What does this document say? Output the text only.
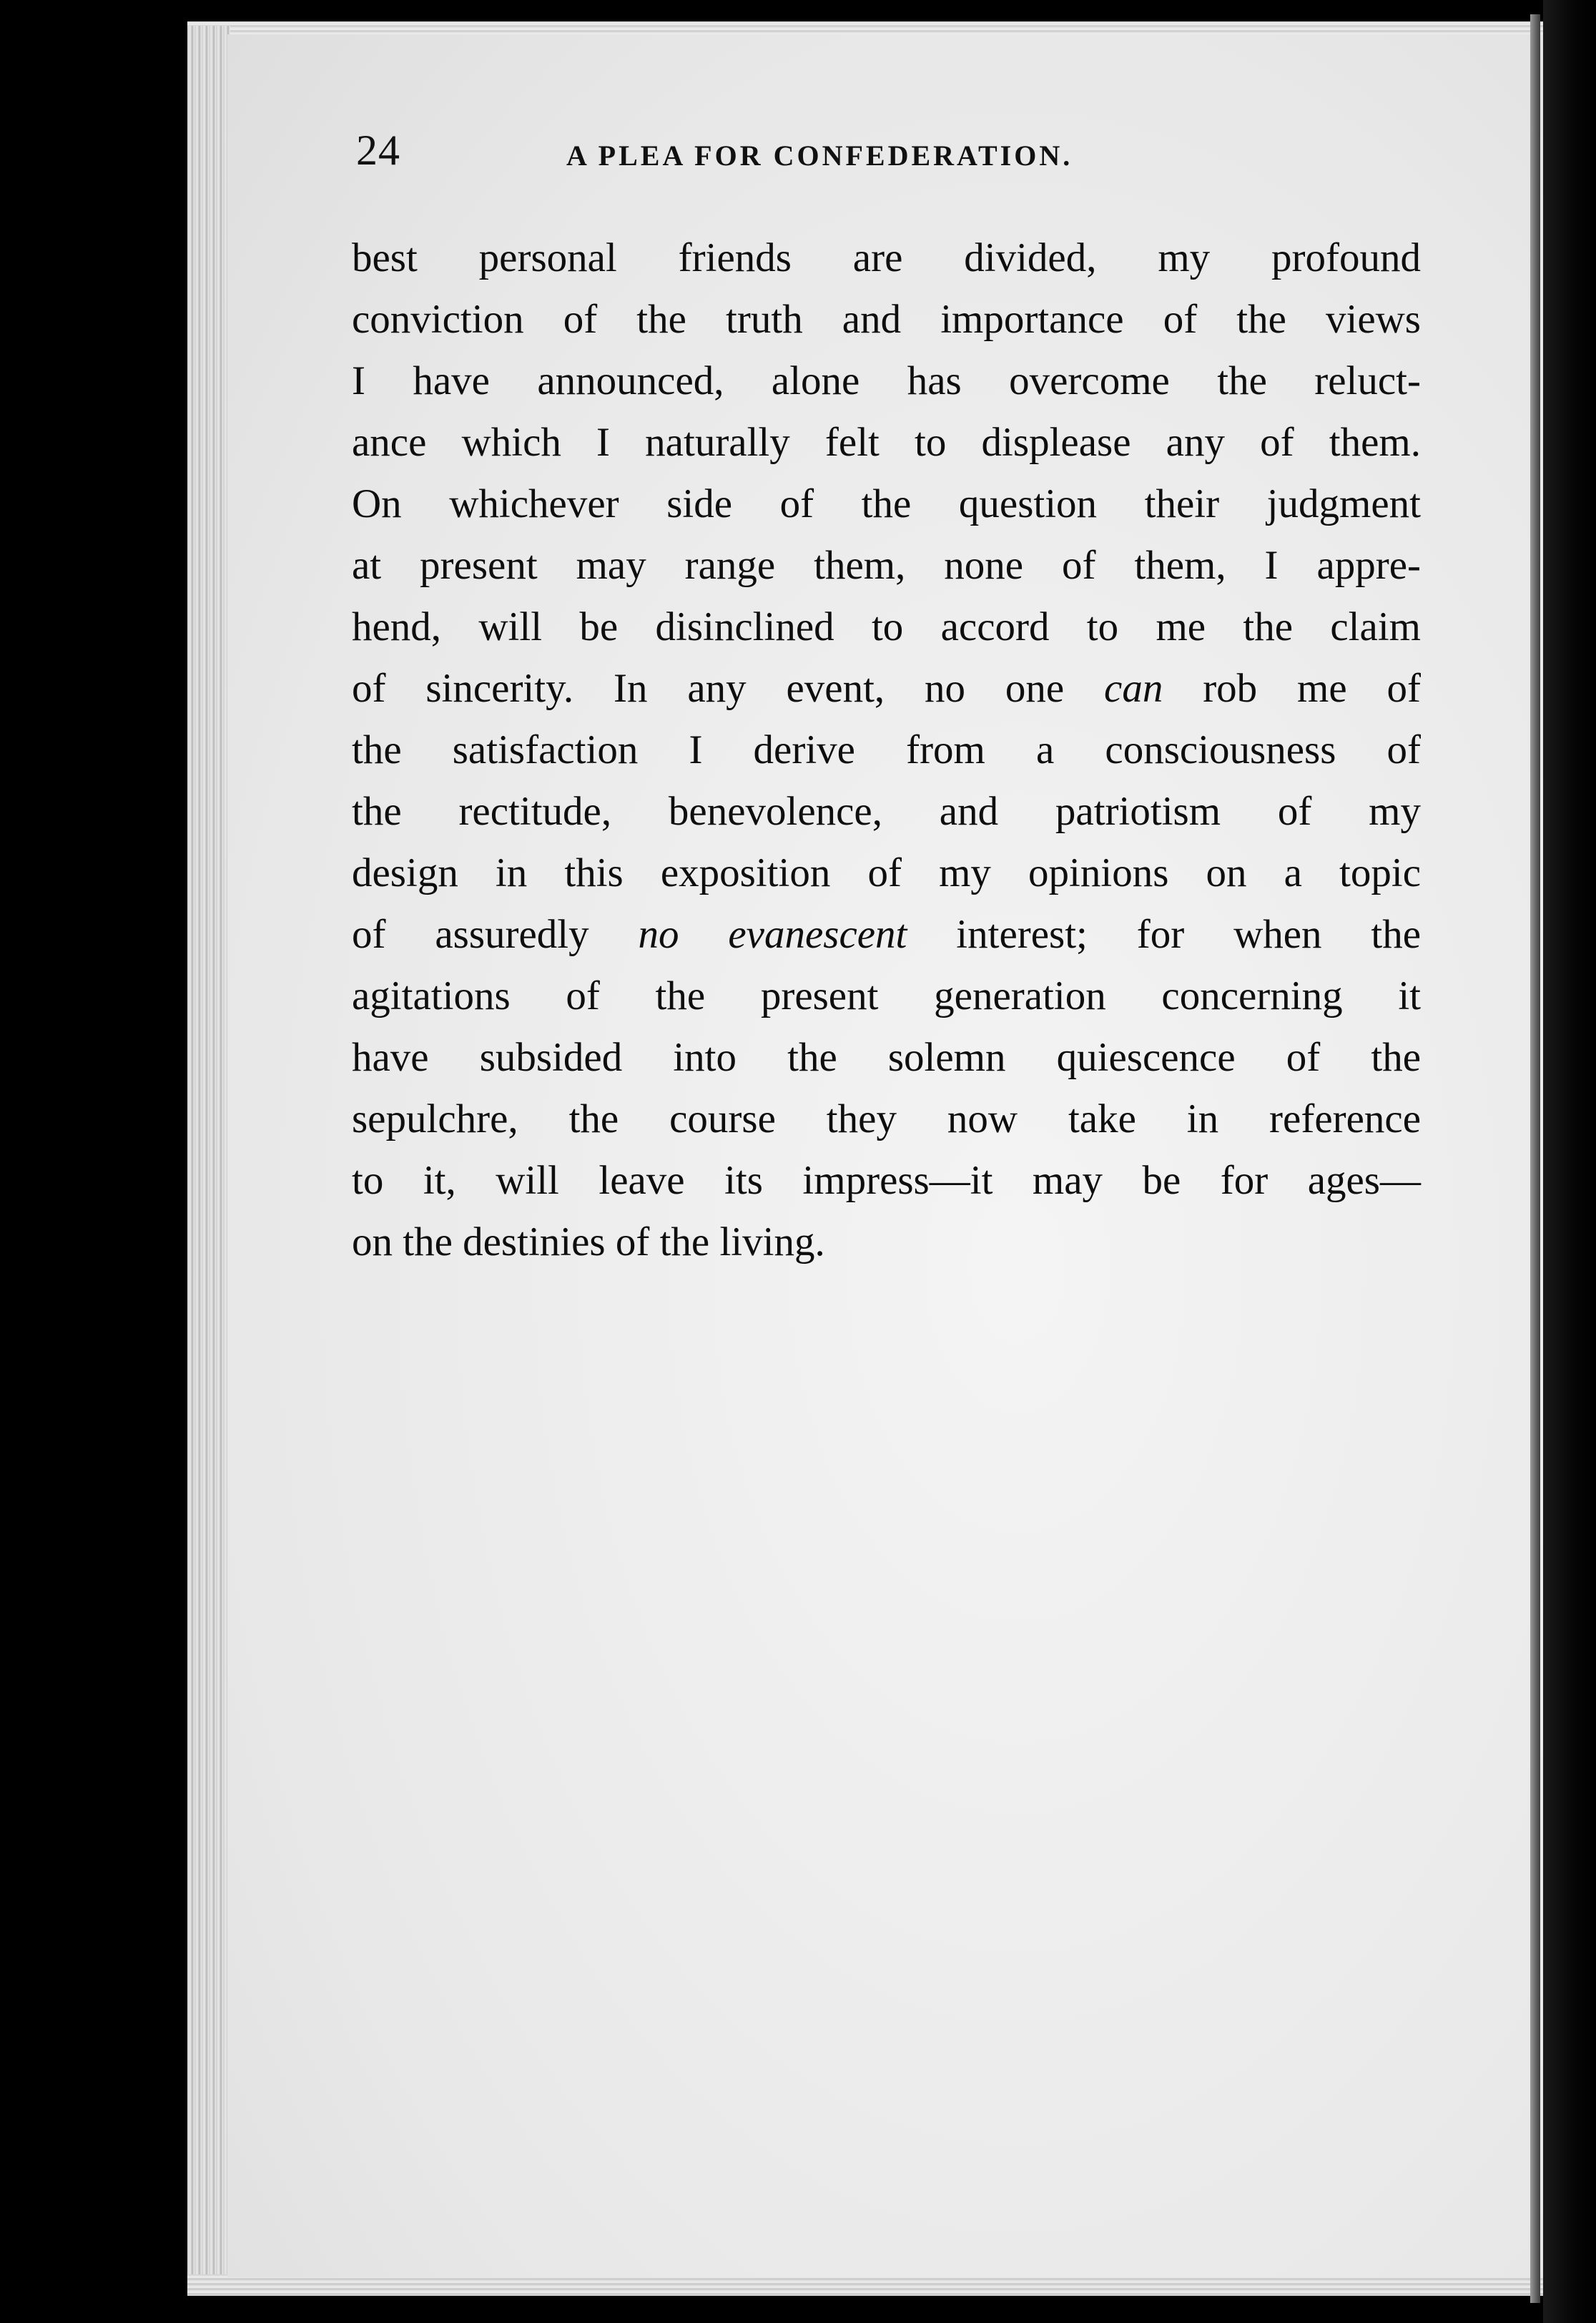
24	A PLEA FOR CONFEDERATION.
best personal friends are divided, my profound
conviction of the truth and importance of the views
I have announced, alone has overcome the reluct-
ance which I naturally felt to displease any of them.
On whichever side of the question their judgment
at present may range them, none of them, I appre-
hend, will be disinclined to accord to me the claim
of sincerity. In any event, no one can rob me of
the satisfaction I derive from a consciousness of
the rectitude, benevolence, and patriotism of my
design in this exposition of my opinions on a topic
of assuredly no evanescent interest; for when the
agitations of the present generation concerning it
have subsided into the solemn quiescence of the
sepulchre, the course they now take in reference
to it, will leave its impress—it may be for ages—
on the destinies of the living.
